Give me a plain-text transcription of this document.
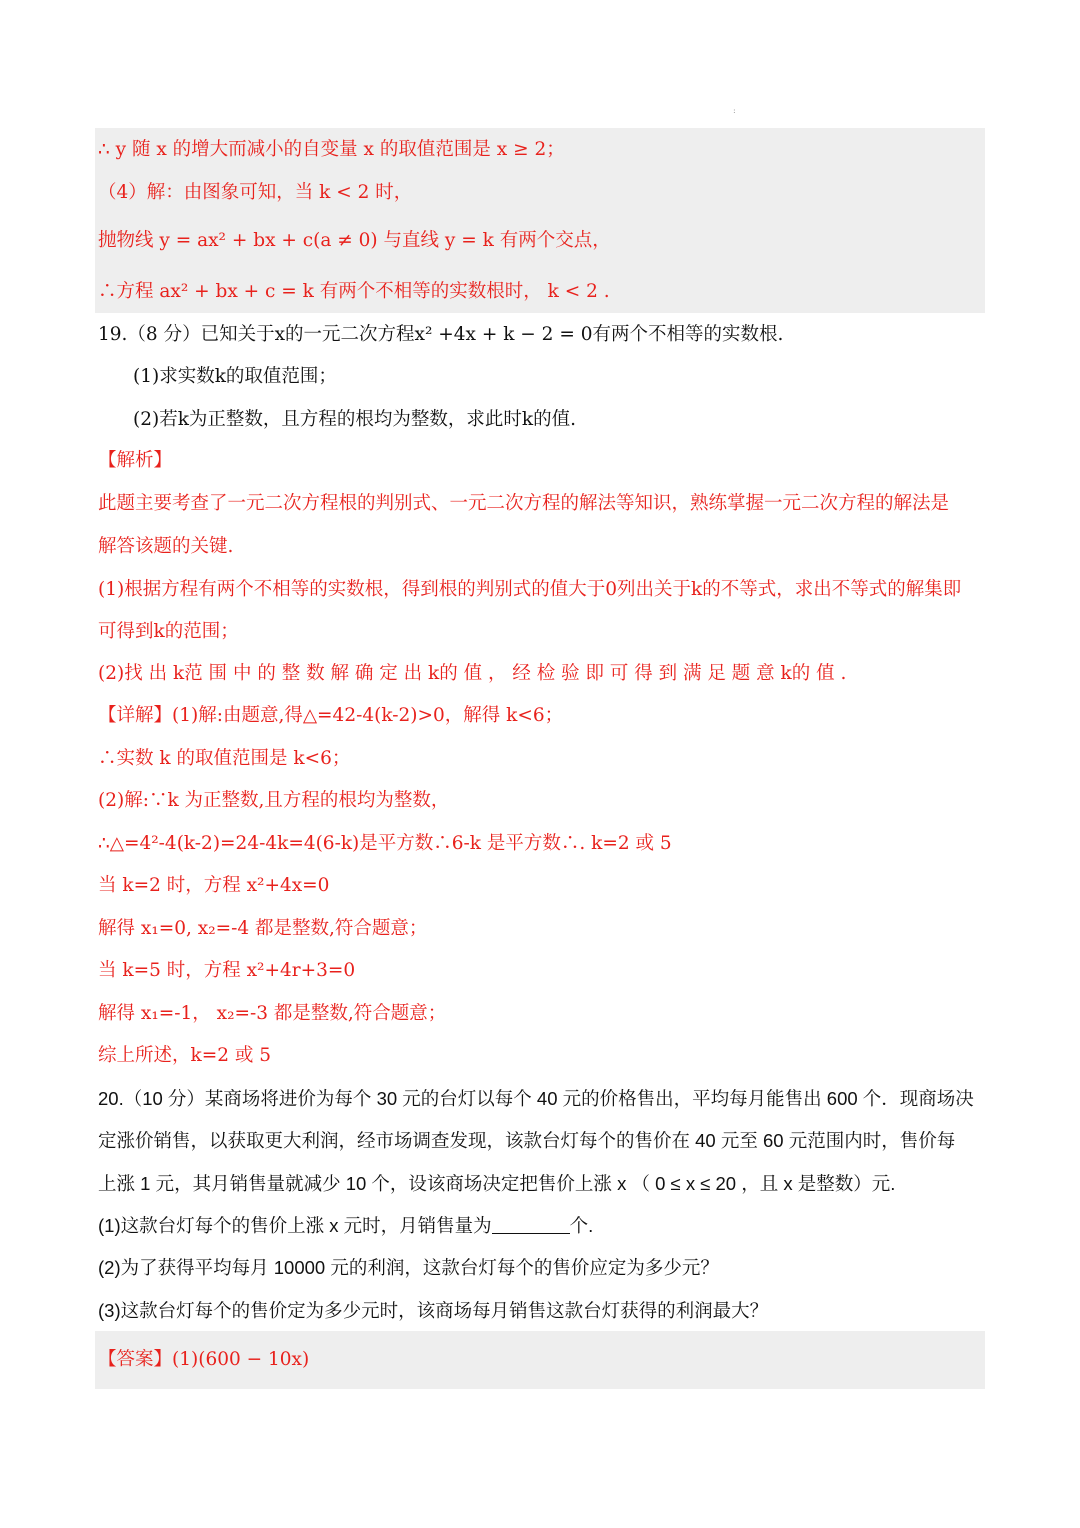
:
∴ y 随 x 的增大而减小的自变量 x 的取值范围是 x ≥ 2；
（4）解：由图象可知，当 k < 2 时，
抛物线 y = ax² + bx + c(a ≠ 0) 与直线 y = k 有两个交点，
∴方程 ax² + bx + c = k 有两个不相等的实数根时， k < 2 .
19.（8 分）已知关于x的一元二次方程x² +4x + k − 2 = 0有两个不相等的实数根.
(1)求实数k的取值范围；
(2)若k为正整数，且方程的根均为整数，求此时k的值.
【解析】
此题主要考查了一元二次方程根的判别式、一元二次方程的解法等知识，熟练掌握一元二次方程的解法是
解答该题的关键.
(1)根据方程有两个不相等的实数根，得到根的判别式的值大于0列出关于k的不等式，求出不等式的解集即
可得到k的范围；
(2)找 出 k范 围 中 的 整 数 解 确 定 出 k的 值 ， 经 检 验 即 可 得 到 满 足 题 意 k的 值 .
【详解】(1)解:由题意,得△=42-4(k-2)>0，解得 k<6；
∴实数 k 的取值范围是 k<6；
(2)解:∵k 为正整数,且方程的根均为整数，
∴△=4²-4(k-2)=24-4k=4(6-k)是平方数∴6-k 是平方数∴. k=2 或 5
当 k=2 时，方程 x²+4x=0
解得 x₁=0, x₂=-4 都是整数,符合题意；
当 k=5 时，方程 x²+4r+3=0
解得 x₁=-1， x₂=-3 都是整数,符合题意；
综上所述，k=2 或 5
20.（10 分）某商场将进价为每个 30 元的台灯以每个 40 元的价格售出，平均每月能售出 600 个．现商场决
定涨价销售，以获取更大利润，经市场调查发现，该款台灯每个的售价在 40 元至 60 元范围内时，售价每
上涨 1 元，其月销售量就减少 10 个，设该商场决定把售价上涨 x （ 0 ≤ x ≤ 20 ，且 x 是整数）元.
(1)这款台灯每个的售价上涨 x 元时，月销售量为	个.
(2)为了获得平均每月 10000 元的利润，这款台灯每个的售价应定为多少元？
(3)这款台灯每个的售价定为多少元时，该商场每月销售这款台灯获得的利润最大？
【答案】(1)(600 − 10x)
